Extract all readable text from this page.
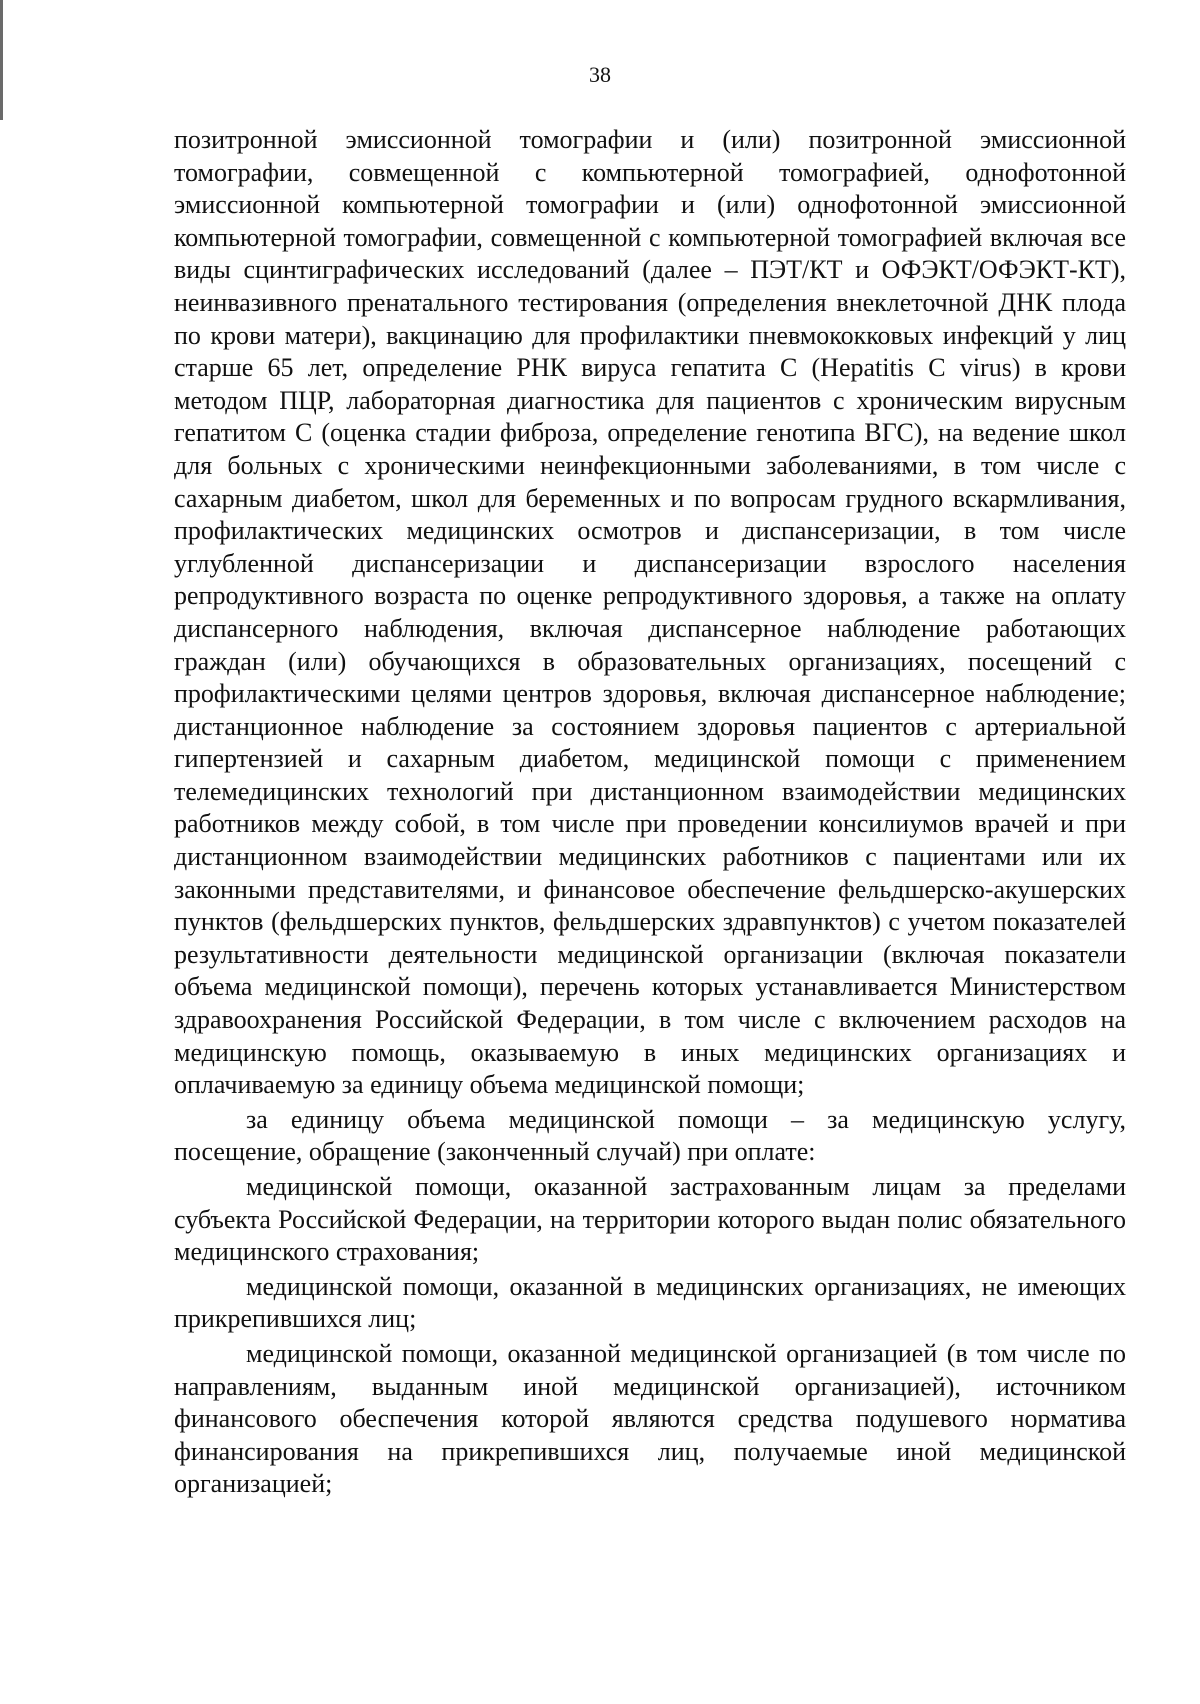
38

позитронной эмиссионной томографии и (или) позитронной эмиссионной томографии, совмещенной с компьютерной томографией, однофотонной эмиссионной компьютерной томографии и (или) однофотонной эмиссионной компьютерной томографии, совмещенной с компьютерной томографией включая все виды сцинтиграфических исследований (далее – ПЭТ/КТ и ОФЭКТ/ОФЭКТ-КТ), неинвазивного пренатального тестирования (определения внеклеточной ДНК плода по крови матери), вакцинацию для профилактики пневмококковых инфекций у лиц старше 65 лет, определение РНК вируса гепатита С (Hepatitis C virus) в крови методом ПЦР, лабораторная диагностика для пациентов с хроническим вирусным гепатитом С (оценка стадии фиброза, определение генотипа ВГС), на ведение школ для больных с хроническими неинфекционными заболеваниями, в том числе с сахарным диабетом, школ для беременных и по вопросам грудного вскармливания, профилактических медицинских осмотров и диспансеризации, в том числе углубленной диспансеризации и диспансеризации взрослого населения репродуктивного возраста по оценке репродуктивного здоровья, а также на оплату диспансерного наблюдения, включая диспансерное наблюдение работающих граждан (или) обучающихся в образовательных организациях, посещений с профилактическими целями центров здоровья, включая диспансерное наблюдение; дистанционное наблюдение за состоянием здоровья пациентов с артериальной гипертензией и сахарным диабетом, медицинской помощи с применением телемедицинских технологий при дистанционном взаимодействии медицинских работников между собой, в том числе при проведении консилиумов врачей и при дистанционном взаимодействии медицинских работников с пациентами или их законными представителями, и финансовое обеспечение фельдшерско-акушерских пунктов (фельдшерских пунктов, фельдшерских здравпунктов) с учетом показателей результативности деятельности медицинской организации (включая показатели объема медицинской помощи), перечень которых устанавливается Министерством здравоохранения Российской Федерации, в том числе с включением расходов на медицинскую помощь, оказываемую в иных медицинских организациях и оплачиваемую за единицу объема медицинской помощи;

за единицу объема медицинской помощи – за медицинскую услугу, посещение, обращение (законченный случай) при оплате:

медицинской помощи, оказанной застрахованным лицам за пределами субъекта Российской Федерации, на территории которого выдан полис обязательного медицинского страхования;

медицинской помощи, оказанной в медицинских организациях, не имеющих прикрепившихся лиц;

медицинской помощи, оказанной медицинской организацией (в том числе по направлениям, выданным иной медицинской организацией), источником финансового обеспечения которой являются средства подушевого норматива финансирования на прикрепившихся лиц, получаемые иной медицинской организацией;
